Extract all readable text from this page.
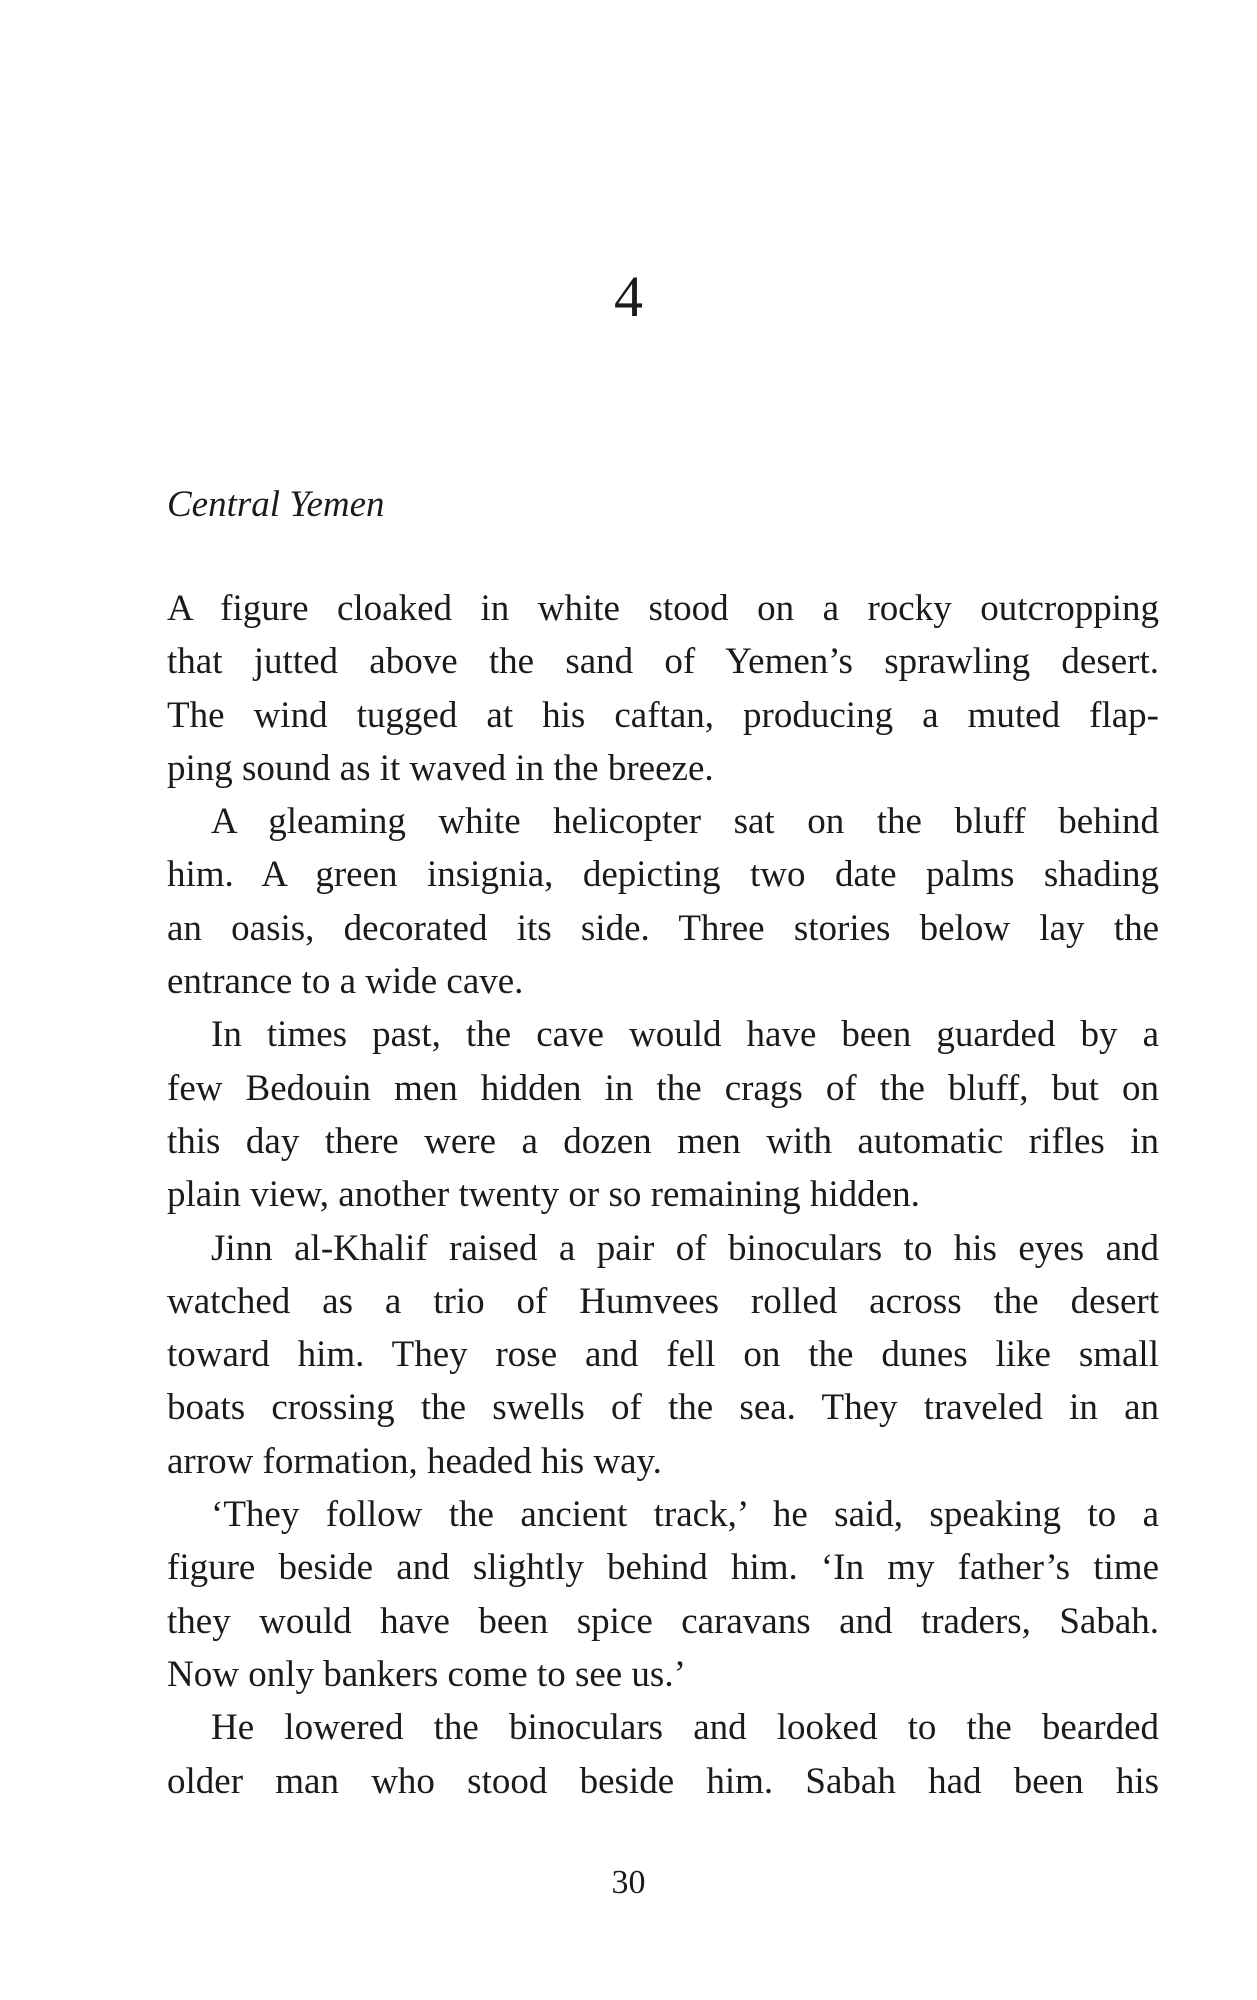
4
Central Yemen

A figure cloaked in white stood on a rocky outcropping
that jutted above the sand of Yemen’s sprawling desert.
The wind tugged at his caftan, producing a muted flap-
ping sound as it waved in the breeze.

A gleaming white helicopter sat on the bluff behind
him. A green insignia, depicting two date palms shading
an oasis, decorated its side. Three stories below lay the
entrance to a wide cave.

In times past, the cave would have been guarded by a
few Bedouin men hidden in the crags of the bluff, but on
this day there were a dozen men with automatic rifles in
plain view, another twenty or so remaining hidden.

Jinn al-Khalif raised a pair of binoculars to his eyes and
watched as a trio of Humvees rolled across the desert
toward him. They rose and fell on the dunes like small
boats crossing the swells of the sea. They traveled in an
arrow formation, headed his way.

‘They follow the ancient track,’ he said, speaking to a
figure beside and slightly behind him. ‘In my father’s time
they would have been spice caravans and traders, Sabah.
Now only bankers come to see us.’

He lowered the binoculars and looked to the bearded
older man who stood beside him. Sabah had been his

30
